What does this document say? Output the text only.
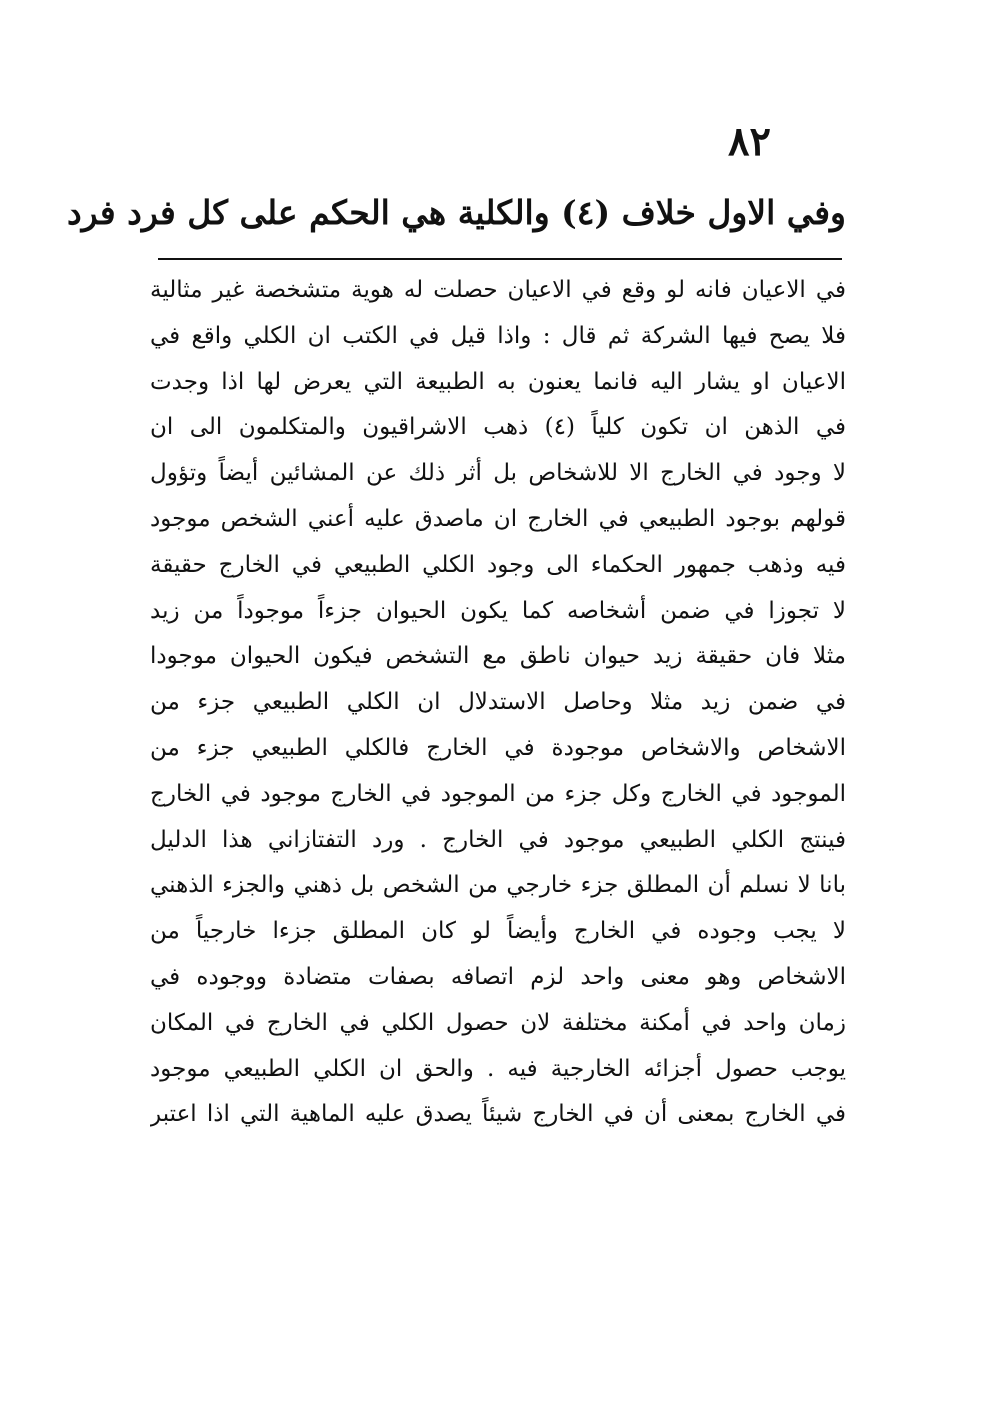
٨٢
وفي الاول خلاف (٤) والكلية هي الحكم على كل فرد فرد
في الاعيان فانه لو وقع في الاعيان حصلت له هوية متشخصة غير مثالية
فلا يصح فيها الشركة ثم قال : واذا قيل في الكتب ان الكلي واقع في
الاعيان او يشار اليه فانما يعنون به الطبيعة التي يعرض لها اذا وجدت
في الذهن ان تكون كلياً (٤) ذهب الاشراقيون والمتكلمون الى ان
لا وجود في الخارج الا للاشخاص بل أثر ذلك عن المشائين أيضاً وتؤول
قولهم بوجود الطبيعي في الخارج ان ماصدق عليه أعني الشخص موجود
فيه وذهب جمهور الحكماء الى وجود الكلي الطبيعي في الخارج حقيقة
لا تجوزا في ضمن أشخاصه كما يكون الحيوان جزءاً موجوداً من زيد
مثلا فان حقيقة زيد حيوان ناطق مع التشخص فيكون الحيوان موجودا
في ضمن زيد مثلا وحاصل الاستدلال ان الكلي الطبيعي جزء من
الاشخاص والاشخاص موجودة في الخارج فالكلي الطبيعي جزء من
الموجود في الخارج وكل جزء من الموجود في الخارج موجود في الخارج
فينتج الكلي الطبيعي موجود في الخارج . ورد التفتازاني هذا الدليل
بانا لا نسلم أن المطلق جزء خارجي من الشخص بل ذهني والجزء الذهني
لا يجب وجوده في الخارج وأيضاً لو كان المطلق جزءا خارجياً من
الاشخاص وهو معنى واحد لزم اتصافه بصفات متضادة ووجوده في
زمان واحد في أمكنة مختلفة لان حصول الكلي في الخارج في المكان
يوجب حصول أجزائه الخارجية فيه . والحق ان الكلي الطبيعي موجود
في الخارج بمعنى أن في الخارج شيئاً يصدق عليه الماهية التي اذا اعتبر
